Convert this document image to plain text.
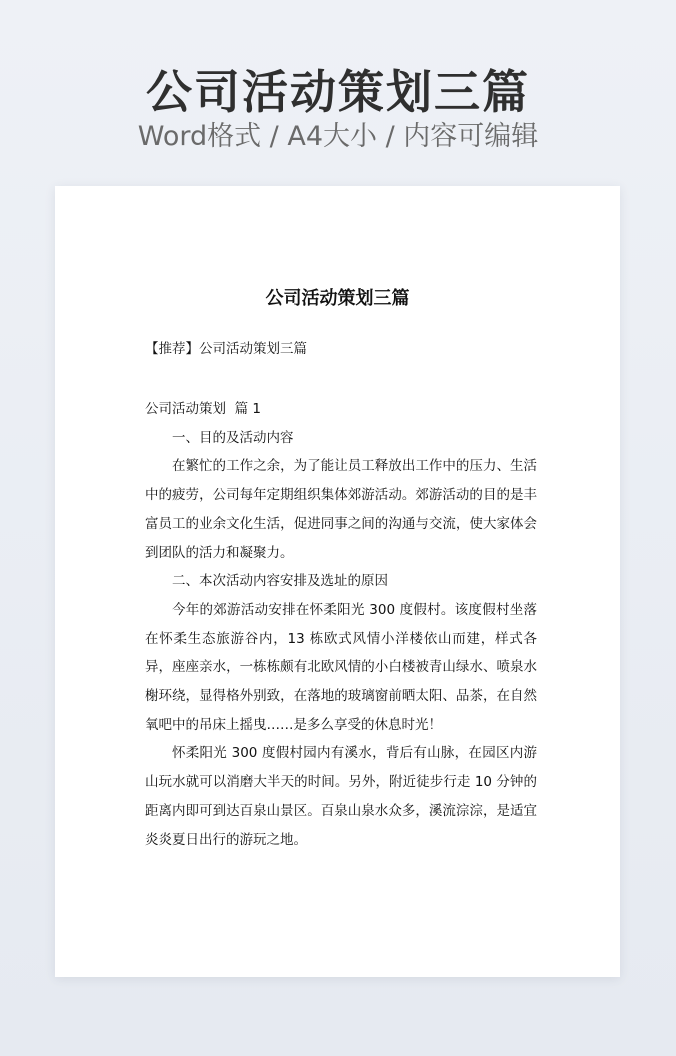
公司活动策划三篇
Word格式 / A4大小 / 内容可编辑
公司活动策划三篇
【推荐】公司活动策划三篇

公司活动策划  篇 1

一、目的及活动内容

在繁忙的工作之余，为了能让员工释放出工作中的压力、生活中的疲劳，公司每年定期组织集体郊游活动。郊游活动的目的是丰富员工的业余文化生活，促进同事之间的沟通与交流，使大家体会到团队的活力和凝聚力。

二、本次活动内容安排及选址的原因

今年的郊游活动安排在怀柔阳光 300 度假村。该度假村坐落在怀柔生态旅游谷内，13 栋欧式风情小洋楼依山而建，样式各异，座座亲水，一栋栋颇有北欧风情的小白楼被青山绿水、喷泉水榭环绕，显得格外别致，在落地的玻璃窗前晒太阳、品茶，在自然氧吧中的吊床上摇曳……是多么享受的休息时光！

怀柔阳光 300 度假村园内有溪水，背后有山脉，在园区内游山玩水就可以消磨大半天的时间。另外，附近徒步行走 10 分钟的距离内即可到达百泉山景区。百泉山泉水众多，溪流淙淙，是适宜炎炎夏日出行的游玩之地。
